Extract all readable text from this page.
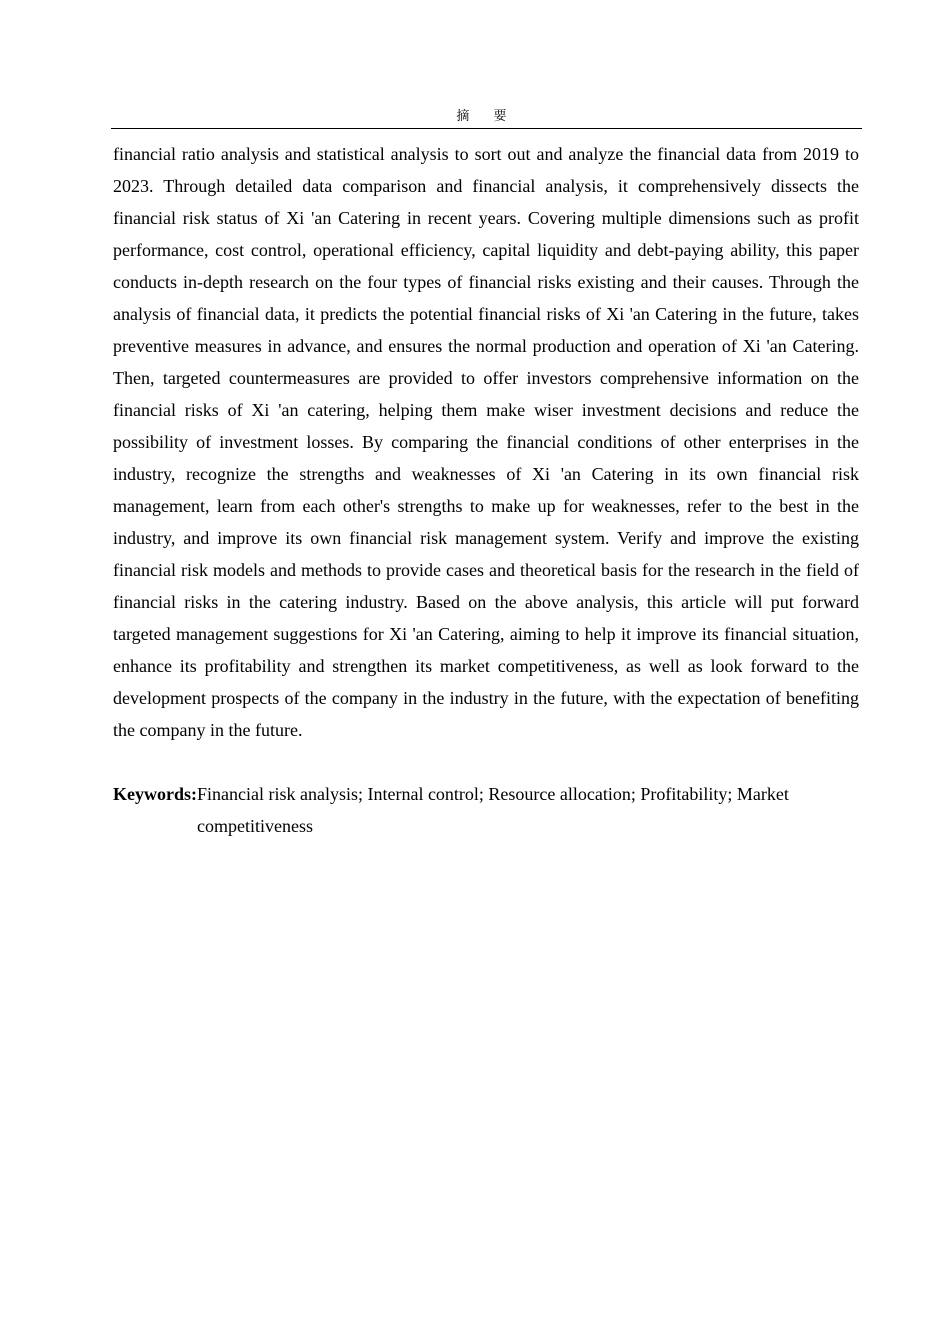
摘 要

financial ratio analysis and statistical analysis to sort out and analyze the financial data from 2019 to 2023. Through detailed data comparison and financial analysis, it comprehensively dissects the financial risk status of Xi 'an Catering in recent years. Covering multiple dimensions such as profit performance, cost control, operational efficiency, capital liquidity and debt-paying ability, this paper conducts in-depth research on the four types of financial risks existing and their causes. Through the analysis of financial data, it predicts the potential financial risks of Xi 'an Catering in the future, takes preventive measures in advance, and ensures the normal production and operation of Xi 'an Catering. Then, targeted countermeasures are provided to offer investors comprehensive information on the financial risks of Xi 'an catering, helping them make wiser investment decisions and reduce the possibility of investment losses. By comparing the financial conditions of other enterprises in the industry, recognize the strengths and weaknesses of Xi 'an Catering in its own financial risk management, learn from each other's strengths to make up for weaknesses, refer to the best in the industry, and improve its own financial risk management system. Verify and improve the existing financial risk models and methods to provide cases and theoretical basis for the research in the field of financial risks in the catering industry. Based on the above analysis, this article will put forward targeted management suggestions for Xi 'an Catering, aiming to help it improve its financial situation, enhance its profitability and strengthen its market competitiveness, as well as look forward to the development prospects of the company in the industry in the future, with the expectation of benefiting the company in the future.

Keywords:Financial risk analysis; Internal control; Resource allocation; Profitability; Market competitiveness
